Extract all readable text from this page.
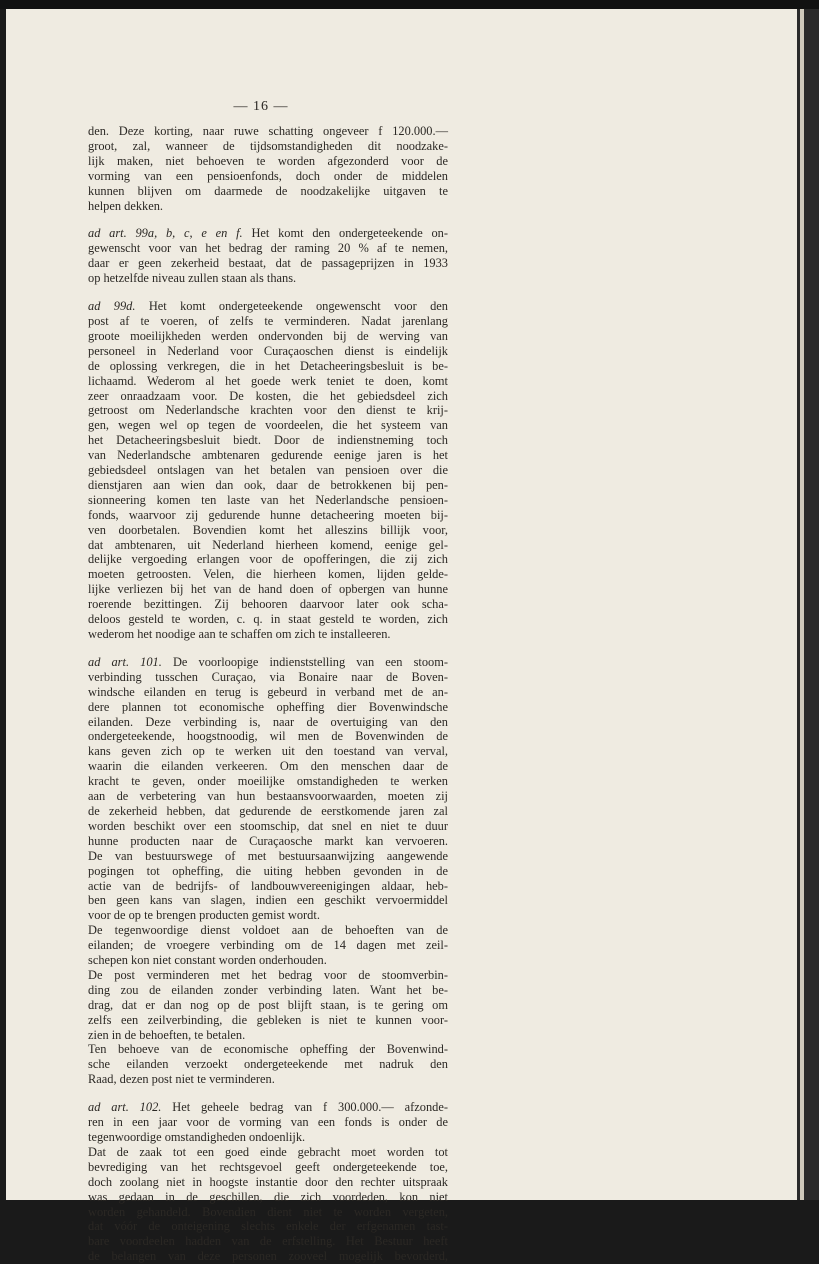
— 16 —
den. Deze korting, naar ruwe schatting ongeveer f 120.000.—
groot, zal, wanneer de tijdsomstandigheden dit noodzake-
lijk maken, niet behoeven te worden afgezonderd voor de
vorming van een pensioenfonds, doch onder de middelen
kunnen blijven om daarmede de noodzakelijke uitgaven te
helpen dekken.
ad art. 99a, b, c, e en f. Het komt den ondergeteekende on-
gewenscht voor van het bedrag der raming 20 % af te nemen,
daar er geen zekerheid bestaat, dat de passageprijzen in 1933
op hetzelfde niveau zullen staan als thans.
ad 99d. Het komt ondergeteekende ongewenscht voor den
post af te voeren, of zelfs te verminderen. Nadat jarenlang
groote moeilijkheden werden ondervonden bij de werving van
personeel in Nederland voor Curaçaoschen dienst is eindelijk
de oplossing verkregen, die in het Detacheeringsbesluit is be-
lichaamd. Wederom al het goede werk teniet te doen, komt
zeer onraadzaam voor. De kosten, die het gebiedsdeel zich
getroost om Nederlandsche krachten voor den dienst te krij-
gen, wegen wel op tegen de voordeelen, die het systeem van
het Detacheeringsbesluit biedt. Door de indienstneming toch
van Nederlandsche ambtenaren gedurende eenige jaren is het
gebiedsdeel ontslagen van het betalen van pensioen over die
dienstjaren aan wien dan ook, daar de betrokkenen bij pen-
sionneering komen ten laste van het Nederlandsche pensioen-
fonds, waarvoor zij gedurende hunne detacheering moeten bij-
ven doorbetalen. Bovendien komt het alleszins billijk voor,
dat ambtenaren, uit Nederland hierheen komend, eenige gel-
delijke vergoeding erlangen voor de opofferingen, die zij zich
moeten getroosten. Velen, die hierheen komen, lijden gelde-
lijke verliezen bij het van de hand doen of opbergen van hunne
roerende bezittingen. Zij behooren daarvoor later ook scha-
deloos gesteld te worden, c. q. in staat gesteld te worden, zich
wederom het noodige aan te schaffen om zich te installeeren.
ad art. 101. De voorloopige indienststelling van een stoom-
verbinding tusschen Curaçao, via Bonaire naar de Boven-
windsche eilanden en terug is gebeurd in verband met de an-
dere plannen tot economische opheffing dier Bovenwindsche
eilanden. Deze verbinding is, naar de overtuiging van den
ondergeteekende, hoogstnoodig, wil men de Bovenwinden de
kans geven zich op te werken uit den toestand van verval,
waarin die eilanden verkeeren. Om den menschen daar de
kracht te geven, onder moeilijke omstandigheden te werken
aan de verbetering van hun bestaansvoorwaarden, moeten zij
de zekerheid hebben, dat gedurende de eerstkomende jaren zal
worden beschikt over een stoomschip, dat snel en niet te duur
hunne producten naar de Curaçaosche markt kan vervoeren.
De van bestuurswege of met bestuursaanwijzing aangewende
pogingen tot opheffing, die uiting hebben gevonden in de
actie van de bedrijfs- of landbouwvereenigingen aldaar, heb-
ben geen kans van slagen, indien een geschikt vervoermiddel
voor de op te brengen producten gemist wordt.
De tegenwoordige dienst voldoet aan de behoeften van de
eilanden; de vroegere verbinding om de 14 dagen met zeil-
schepen kon niet constant worden onderhouden.
De post verminderen met het bedrag voor de stoomverbin-
ding zou de eilanden zonder verbinding laten. Want het be-
drag, dat er dan nog op de post blijft staan, is te gering om
zelfs een zeilverbinding, die gebleken is niet te kunnen voor-
zien in de behoeften, te betalen.
Ten behoeve van de economische opheffing der Bovenwind-
sche eilanden verzoekt ondergeteekende met nadruk den
Raad, dezen post niet te verminderen.
ad art. 102. Het geheele bedrag van f 300.000.— afzonde-
ren in een jaar voor de vorming van een fonds is onder de
tegenwoordige omstandigheden ondoenlijk.
Dat de zaak tot een goed einde gebracht moet worden tot
bevrediging van het rechtsgevoel geeft ondergeteekende toe,
doch zoolang niet in hoogste instantie door den rechter uitspraak
was gedaan in de geschillen, die zich voordeden, kon niet
worden gehandeld. Bovendien dient niet te worden vergeten,
dat vóór de onteigening slechts enkele der erfgenamen tast-
bare voordeelen hadden van de erfstelling. Het Bestuur heeft
de belangen van deze personen zooveel mogelijk bevorderd,
